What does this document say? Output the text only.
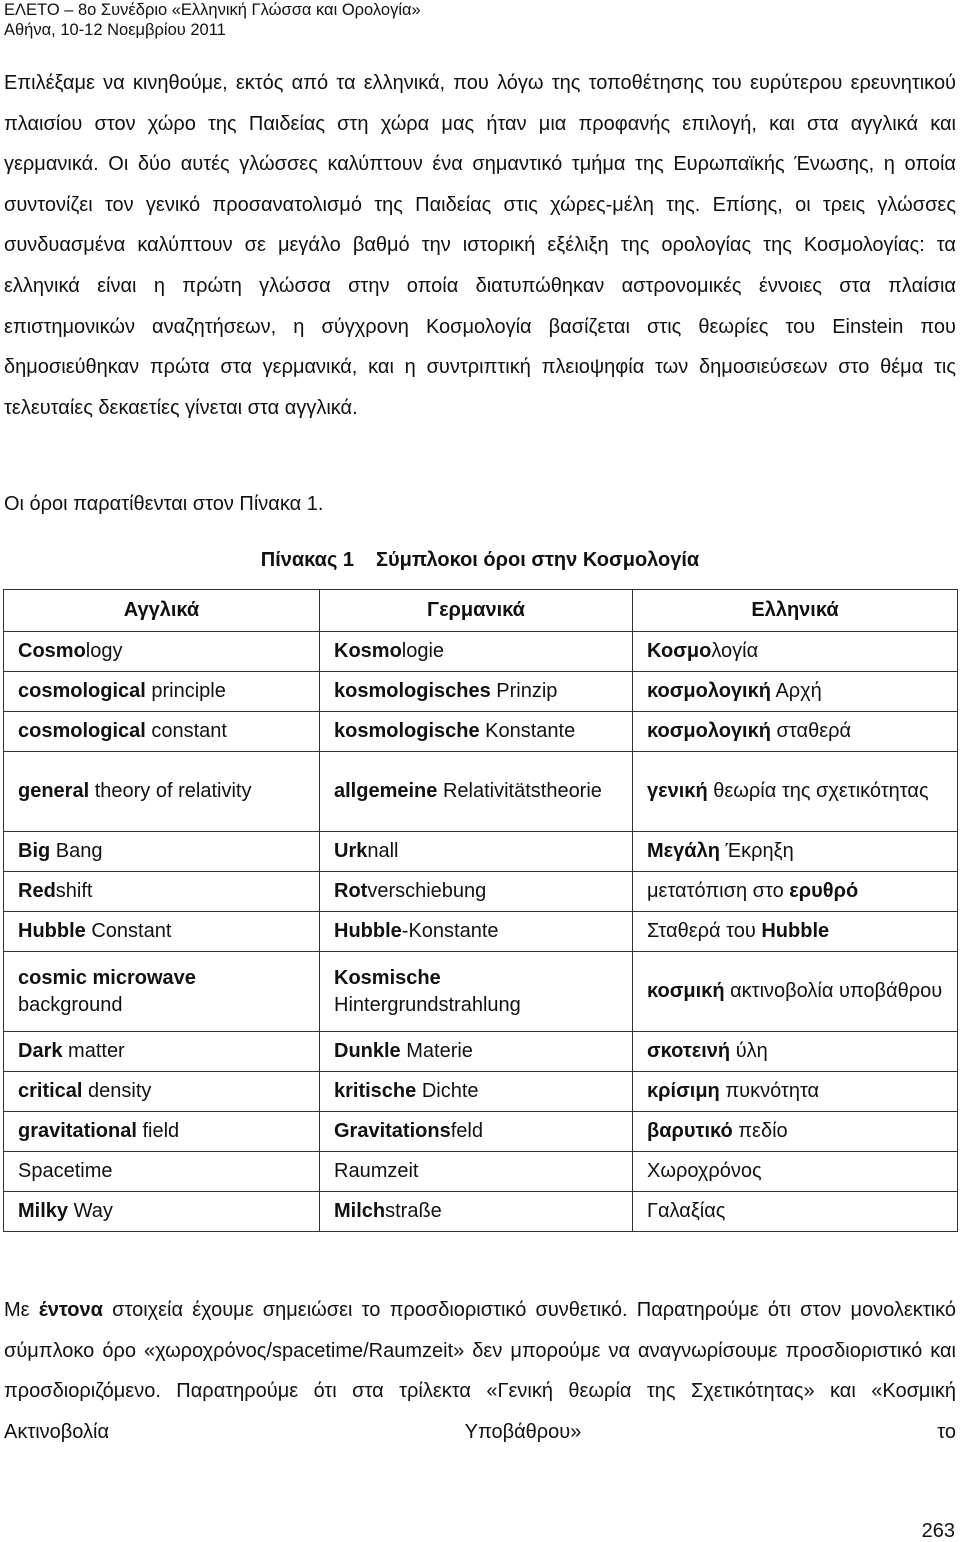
ΕΛΕΤΟ – 8ο Συνέδριο «Ελληνική Γλώσσα και Ορολογία»
Αθήνα, 10-12 Νοεμβρίου 2011

Επιλέξαμε να κινηθούμε, εκτός από τα ελληνικά, που λόγω της τοποθέτησης του ευρύτερου ερευνητικού πλαισίου στον χώρο της Παιδείας στη χώρα μας ήταν μια προφανής επιλογή, και στα αγγλικά και γερμανικά. Οι δύο αυτές γλώσσες καλύπτουν ένα σημαντικό τμήμα της Ευρωπαϊκής Ένωσης, η οποία συντονίζει τον γενικό προσανατολισμό της Παιδείας στις χώρες-μέλη της. Επίσης, οι τρεις γλώσσες συνδυασμένα καλύπτουν σε μεγάλο βαθμό την ιστορική εξέλιξη της ορολογίας της Κοσμολογίας: τα ελληνικά είναι η πρώτη γλώσσα στην οποία διατυπώθηκαν αστρονομικές έννοιες στα πλαίσια επιστημονικών αναζητήσεων, η σύγχρονη Κοσμολογία βασίζεται στις θεωρίες του Einstein που δημοσιεύθηκαν πρώτα στα γερμανικά, και η συντριπτική πλειοψηφία των δημοσιεύσεων στο θέμα τις τελευταίες δεκαετίες γίνεται στα αγγλικά.

Οι όροι παρατίθενται στον Πίνακα 1.

Πίνακας 1 Σύμπλοκοι όροι στην Κοσμολογία
Αγγλικά	Γερμανικά	Ελληνικά
Cosmology	Kosmologie	Κοσμολογία
cosmological principle	kosmologisches Prinzip	κοσμολογική Αρχή
cosmological constant	kosmologische Konstante	κοσμολογική σταθερά
general theory of relativity	allgemeine Relativitätstheorie	γενική θεωρία της σχετικότητας
Big Bang	Urknall	Μεγάλη Έκρηξη
Redshift	Rotverschiebung	μετατόπιση στο ερυθρό
Hubble Constant	Hubble-Konstante	Σταθερά του Hubble
cosmic microwave background	Kosmische Hintergrundstrahlung	κοσμική ακτινοβολία υποβάθρου
Dark matter	Dunkle Materie	σκοτεινή ύλη
critical density	kritische Dichte	κρίσιμη πυκνότητα
gravitational field	Gravitationsfeld	βαρυτικό πεδίο
Spacetime	Raumzeit	Χωροχρόνος
Milky Way	Milchstraße	Γαλαξίας

Με έντονα στοιχεία έχουμε σημειώσει το προσδιοριστικό συνθετικό. Παρατηρούμε ότι στον μονολεκτικό σύμπλοκο όρο «χωροχρόνος/spacetime/Raumzeit» δεν μπορούμε να αναγνωρίσουμε προσδιοριστικό και προσδιοριζόμενο. Παρατηρούμε ότι στα τρίλεκτα «Γενική θεωρία της Σχετικότητας» και «Κοσμική Ακτινοβολία Υποβάθρου» το

263
